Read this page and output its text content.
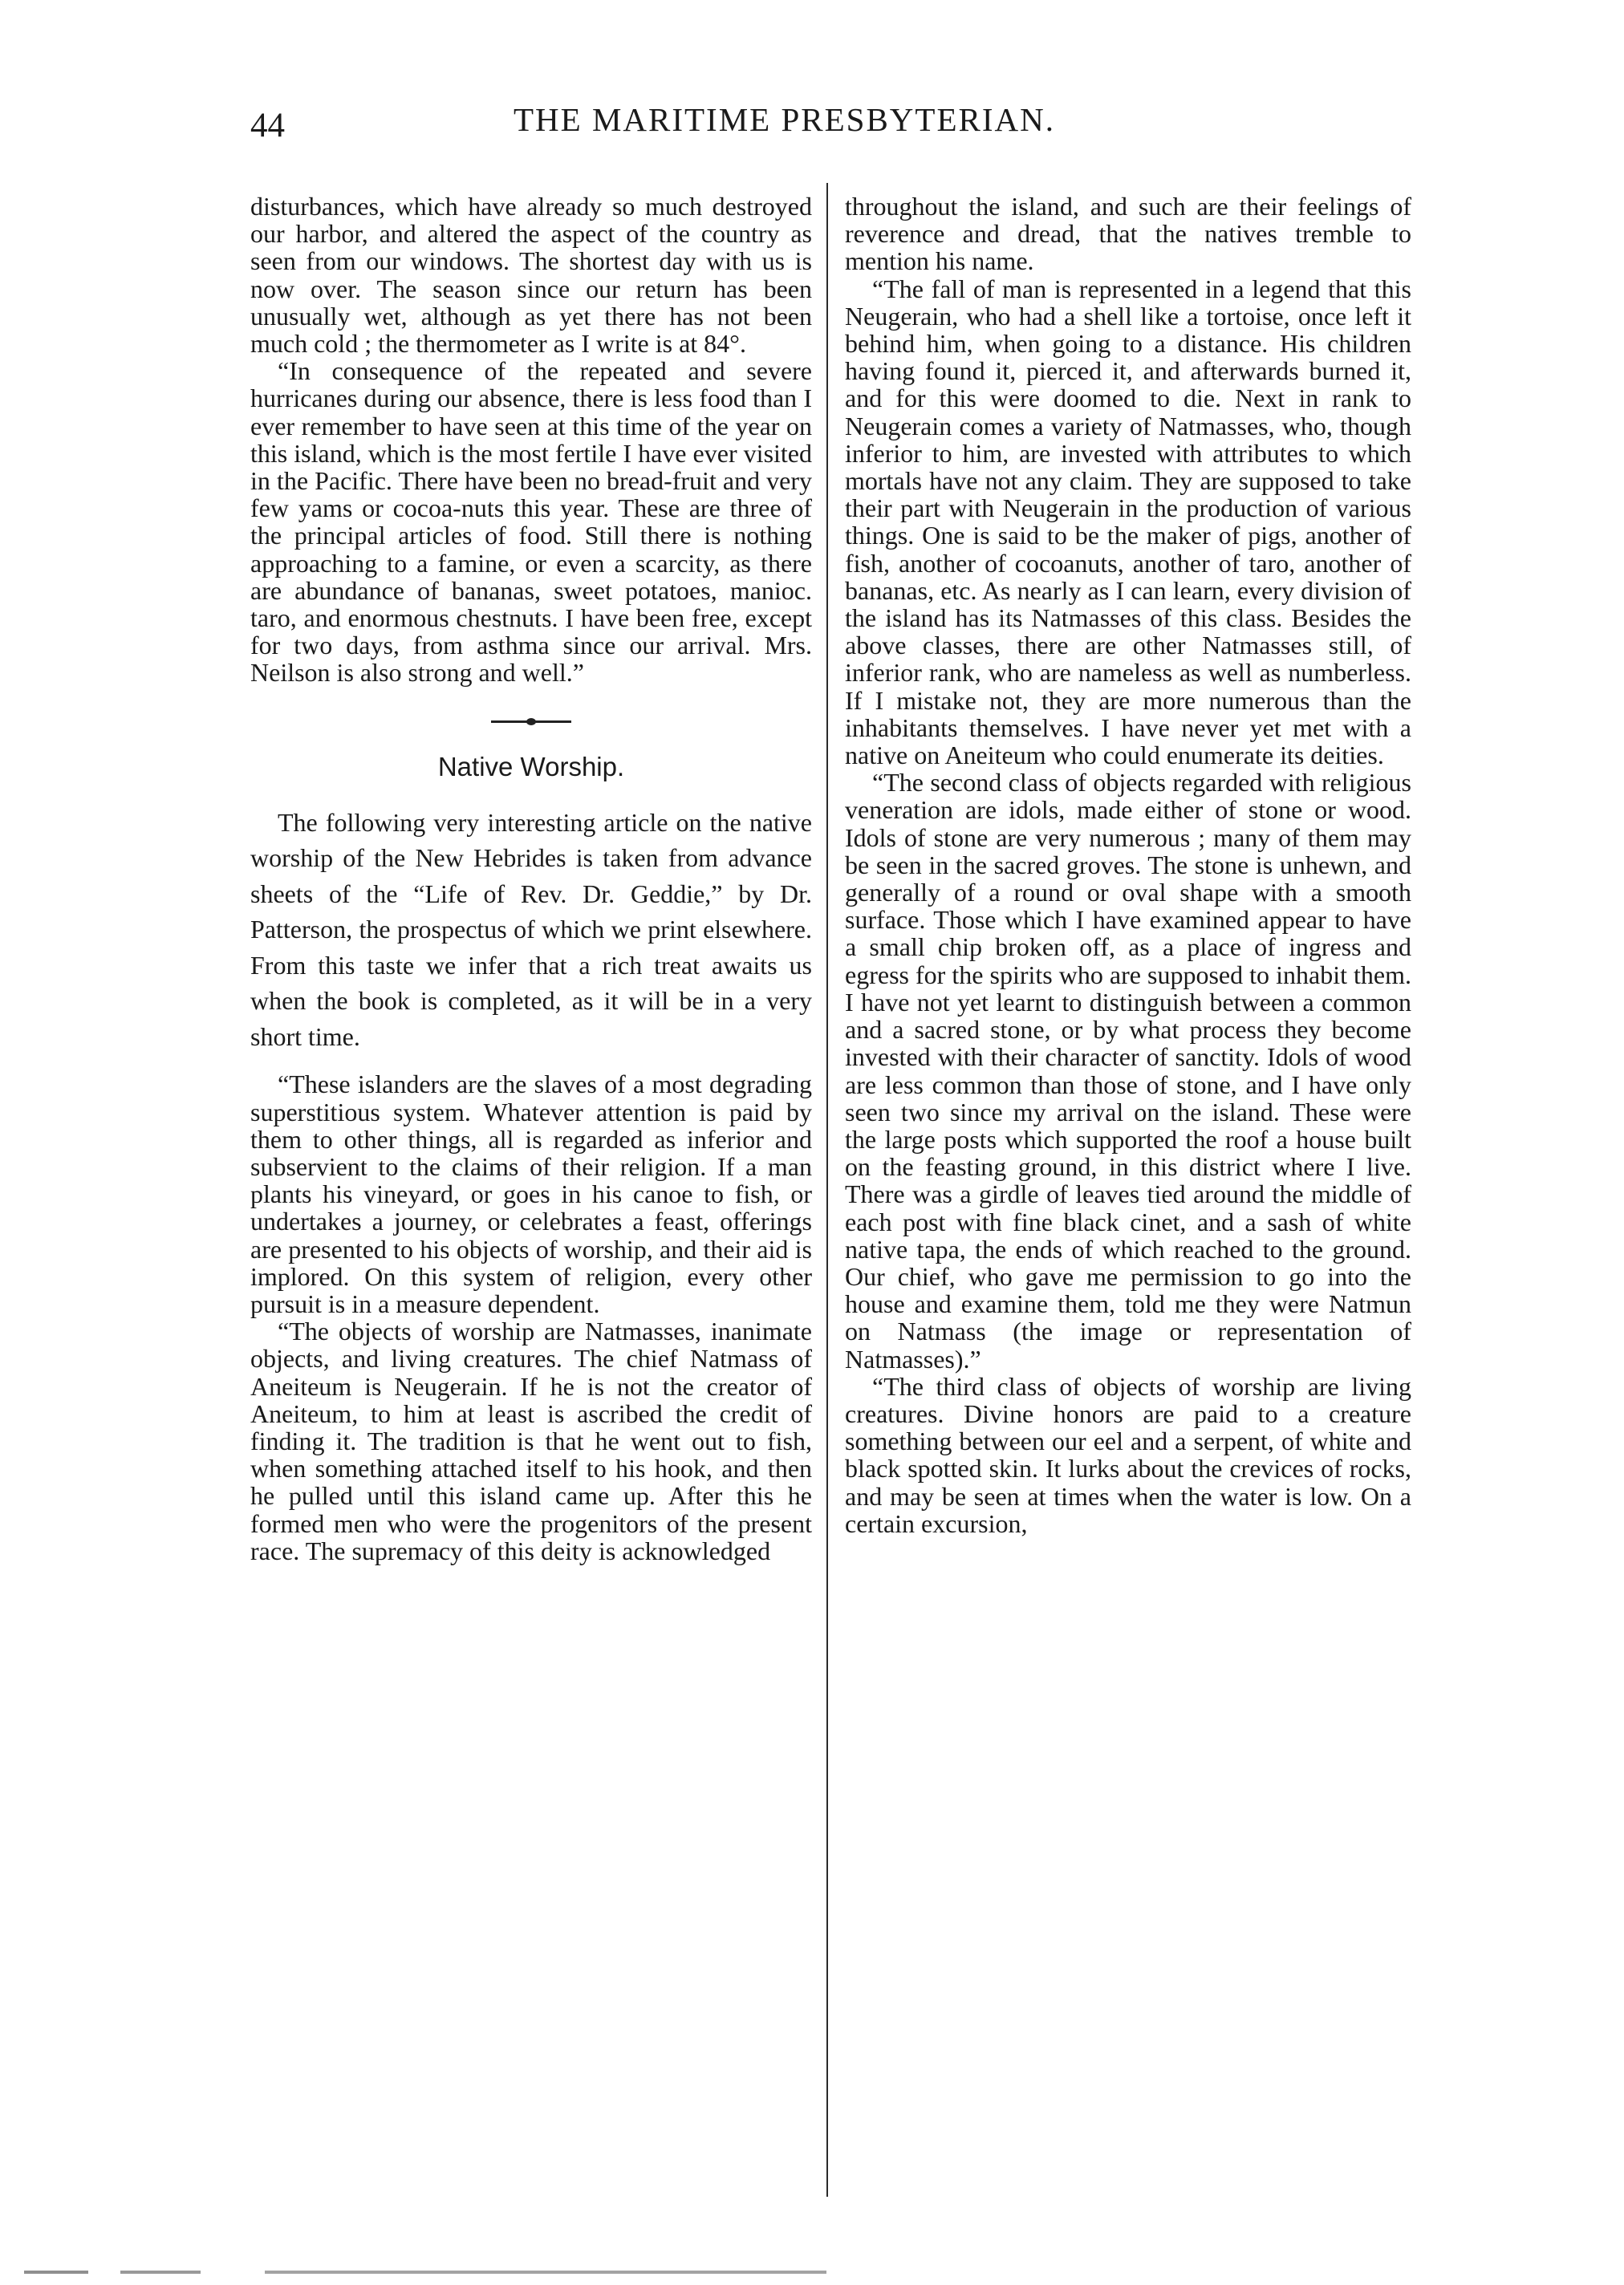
44	THE MARITIME PRESBYTERIAN.

disturbances, which have already so much destroyed our harbor, and altered the aspect of the country as seen from our windows. The shortest day with us is now over. The season since our return has been unusually wet, although as yet there has not been much cold ; the thermometer as I write is at 84°.

“In consequence of the repeated and severe hurricanes during our absence, there is less food than I ever remember to have seen at this time of the year on this island, which is the most fertile I have ever visited in the Pacific. There have been no bread-fruit and very few yams or cocoa-nuts this year. These are three of the principal articles of food. Still there is nothing approaching to a famine, or even a scarcity, as there are abundance of bananas, sweet potatoes, manioc. taro, and enormous chestnuts. I have been free, except for two days, from asthma since our arrival. Mrs. Neilson is also strong and well.”

Native Worship.

The following very interesting article on the native worship of the New Hebrides is taken from advance sheets of the “Life of Rev. Dr. Geddie,” by Dr. Patterson, the prospectus of which we print elsewhere. From this taste we infer that a rich treat awaits us when the book is completed, as it will be in a very short time.

“These islanders are the slaves of a most degrading superstitious system. Whatever attention is paid by them to other things, all is regarded as inferior and subservient to the claims of their religion. If a man plants his vineyard, or goes in his canoe to fish, or undertakes a journey, or celebrates a feast, offerings are presented to his objects of worship, and their aid is implored. On this system of religion, every other pursuit is in a measure dependent.

“The objects of worship are Natmasses, inanimate objects, and living creatures. The chief Natmass of Aneiteum is Neugerain. If he is not the creator of Aneiteum, to him at least is ascribed the credit of finding it. The tradition is that he went out to fish, when something attached itself to his hook, and then he pulled until this island came up. After this he formed men who were the progenitors of the present race. The supremacy of this deity is acknowledged

throughout the island, and such are their feelings of reverence and dread, that the natives tremble to mention his name.

“The fall of man is represented in a legend that this Neugerain, who had a shell like a tortoise, once left it behind him, when going to a distance. His children having found it, pierced it, and afterwards burned it, and for this were doomed to die. Next in rank to Neugerain comes a variety of Natmasses, who, though inferior to him, are invested with attributes to which mortals have not any claim. They are supposed to take their part with Neugerain in the production of various things. One is said to be the maker of pigs, another of fish, another of cocoanuts, another of taro, another of bananas, etc. As nearly as I can learn, every division of the island has its Natmasses of this class. Besides the above classes, there are other Natmasses still, of inferior rank, who are nameless as well as numberless. If I mistake not, they are more numerous than the inhabitants themselves. I have never yet met with a native on Aneiteum who could enumerate its deities.

“The second class of objects regarded with religious veneration are idols, made either of stone or wood. Idols of stone are very numerous ; many of them may be seen in the sacred groves. The stone is unhewn, and generally of a round or oval shape with a smooth surface. Those which I have examined appear to have a small chip broken off, as a place of ingress and egress for the spirits who are supposed to inhabit them. I have not yet learnt to distinguish between a common and a sacred stone, or by what process they become invested with their character of sanctity. Idols of wood are less common than those of stone, and I have only seen two since my arrival on the island. These were the large posts which supported the roof a house built on the feasting ground, in this district where I live. There was a girdle of leaves tied around the middle of each post with fine black cinet, and a sash of white native tapa, the ends of which reached to the ground. Our chief, who gave me permission to go into the house and examine them, told me they were Natmun on Natmass (the image or representation of Natmasses).”

“The third class of objects of worship are living creatures. Divine honors are paid to a creature something between our eel and a serpent, of white and black spotted skin. It lurks about the crevices of rocks, and may be seen at times when the water is low. On a certain excursion,
